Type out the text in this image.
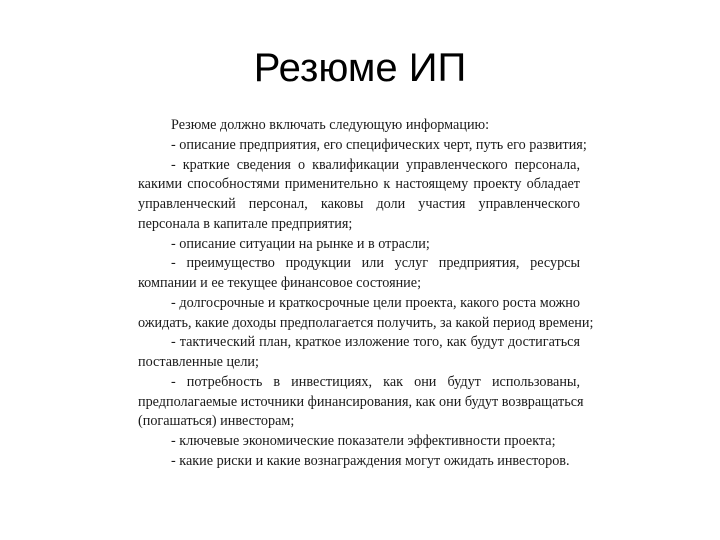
Резюме ИП
Резюме должно включать следующую информацию:
- описание предприятия, его специфических черт, путь его развития;
- краткие сведения о квалификации управленческого персонала,
какими способностями применительно к настоящему проекту обладает
управленческий персонал, каковы доли участия управленческого
персонала в капитале предприятия;
- описание ситуации на рынке и в отрасли;
- преимущество продукции или услуг предприятия, ресурсы
компании и ее текущее финансовое состояние;
- долгосрочные и краткосрочные цели проекта, какого роста можно
ожидать, какие доходы предполагается получить, за какой период времени;
- тактический план, краткое изложение того, как будут достигаться
поставленные цели;
- потребность в инвестициях, как они будут использованы,
предполагаемые источники финансирования, как они будут возвращаться
(погашаться) инвесторам;
- ключевые экономические показатели эффективности проекта;
- какие риски и какие вознаграждения могут ожидать инвесторов.
